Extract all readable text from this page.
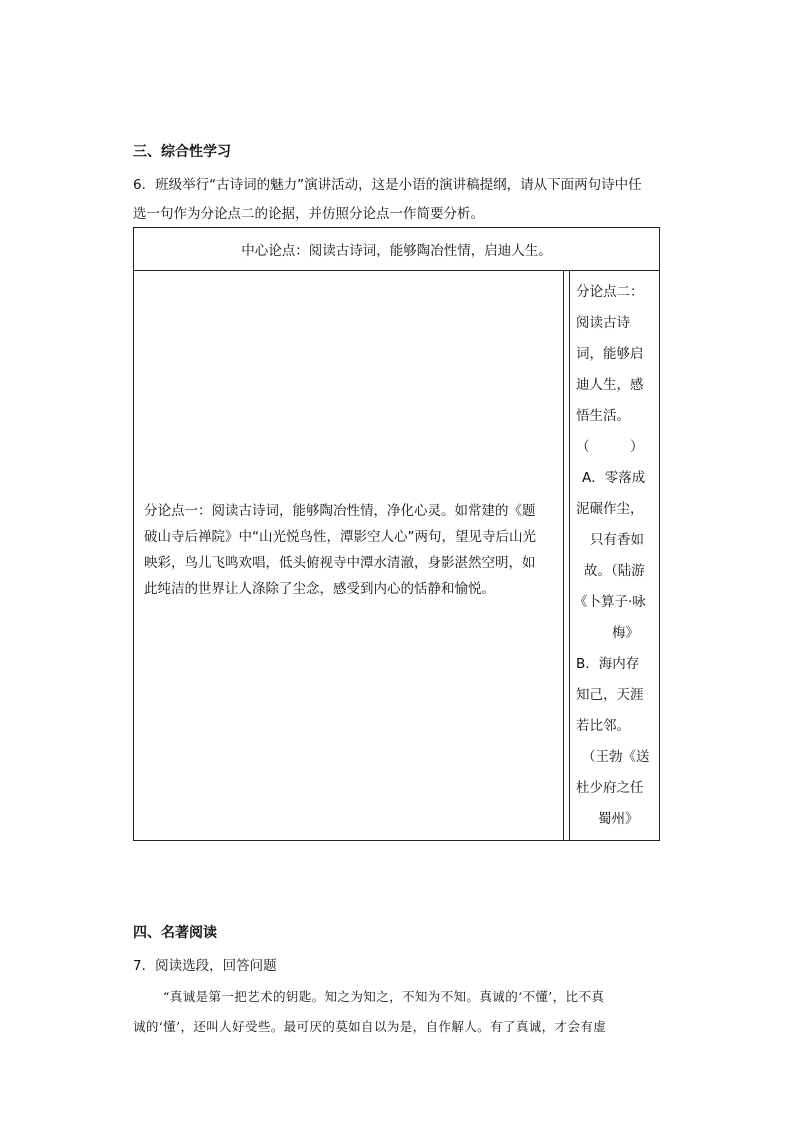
三、综合性学习
6．班级举行“古诗词的魅力”演讲活动，这是小语的演讲稿提纲，请从下面两句诗中任
选一句作为分论点二的论据，并仿照分论点一作简要分析。
中心论点：阅读古诗词，能够陶冶性情，启迪人生。
分论点一：阅读古诗词，能够陶冶性情，净化心灵。如常建的《题
破山寺后禅院》中“山光悦鸟性，潭影空人心”两句，望见寺后山光
映彩，鸟儿飞鸣欢唱，低头俯视寺中潭水清澈，身影湛然空明，如
此纯洁的世界让人涤除了尘念，感受到内心的恬静和愉悦。
分论点二：
阅读古诗
词，能够启
迪人生，感
悟生活。
（　　　）
A．零落成
泥碾作尘，
只有香如
故。（陆游
《卜算子·咏
梅》
B．海内存
知己，天涯
若比邻。
（王勃《送
杜少府之任
蜀州》
四、名著阅读
7．阅读选段，回答问题
“真诚是第一把艺术的钥匙。知之为知之，不知为不知。真诚的‘不懂’，比不真
诚的‘懂’，还叫人好受些。最可厌的莫如自以为是，自作解人。有了真诚，才会有虚
